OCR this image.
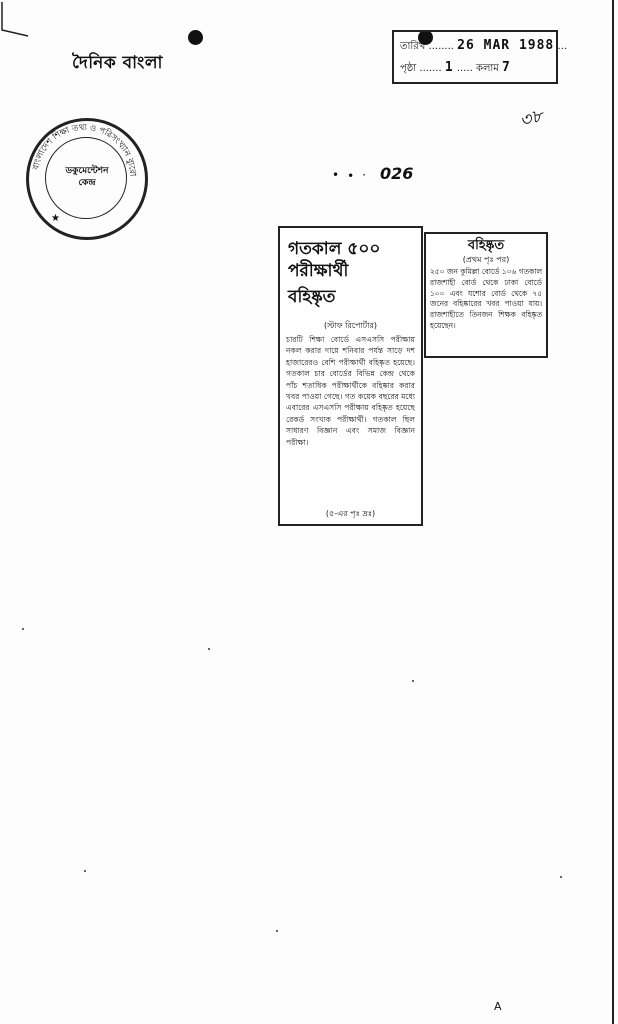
দৈনিক বাংলা
তারিখ ........ 26 MAR 1988 ...
পৃষ্ঠা ....... 1 ..... কলাম 7
৩৮
বাংলাদেশ শিক্ষা তথ্য ও পরিসংখ্যান ব্যুরো
ডকুমেন্টেশন
কেন্দ্র
★
• ∙ · 026
গতকাল ৫০০
পরীক্ষার্থী
বহিষ্কৃত
(স্টাফ রিপোর্টার)
চারটি শিক্ষা বোর্ডে এসএসসি পরীক্ষায় নকল করার দায়ে শনিবার পর্যন্ত সাড়ে দশ হাজারেরও বেশি পরীক্ষার্থী বহিষ্কৃত হয়েছে। গতকাল চার বোর্ডের বিভিন্ন কেন্দ্র থেকে পাঁচ শতাধিক পরীক্ষার্থীকে বহিষ্কার করার খবর পাওয়া গেছে। গত কয়েক বছরের মধ্যে এবারের এসএসসি পরীক্ষায় বহিষ্কৃত হয়েছে রেকর্ড সংখ্যক পরীক্ষার্থী। গতকাল ছিল সাধারণ বিজ্ঞান এবং সমাজ বিজ্ঞান পরীক্ষা।
(৫-এর পৃঃ দ্রঃ)
বহিষ্কৃত
(প্রথম পৃঃ পর)
২৫০ জন কুমিল্লা বোর্ডে ১০৬ গতকাল রাজশাহী বোর্ড থেকে ঢাকা বোর্ডে ১০০ এবং যশোর বোর্ড থেকে ৭৫ জনের বহিষ্কারের খবর পাওয়া যায়। রাজশাহীতে তিনজন শিক্ষক বহিষ্কৃত হয়েছেন।
A
